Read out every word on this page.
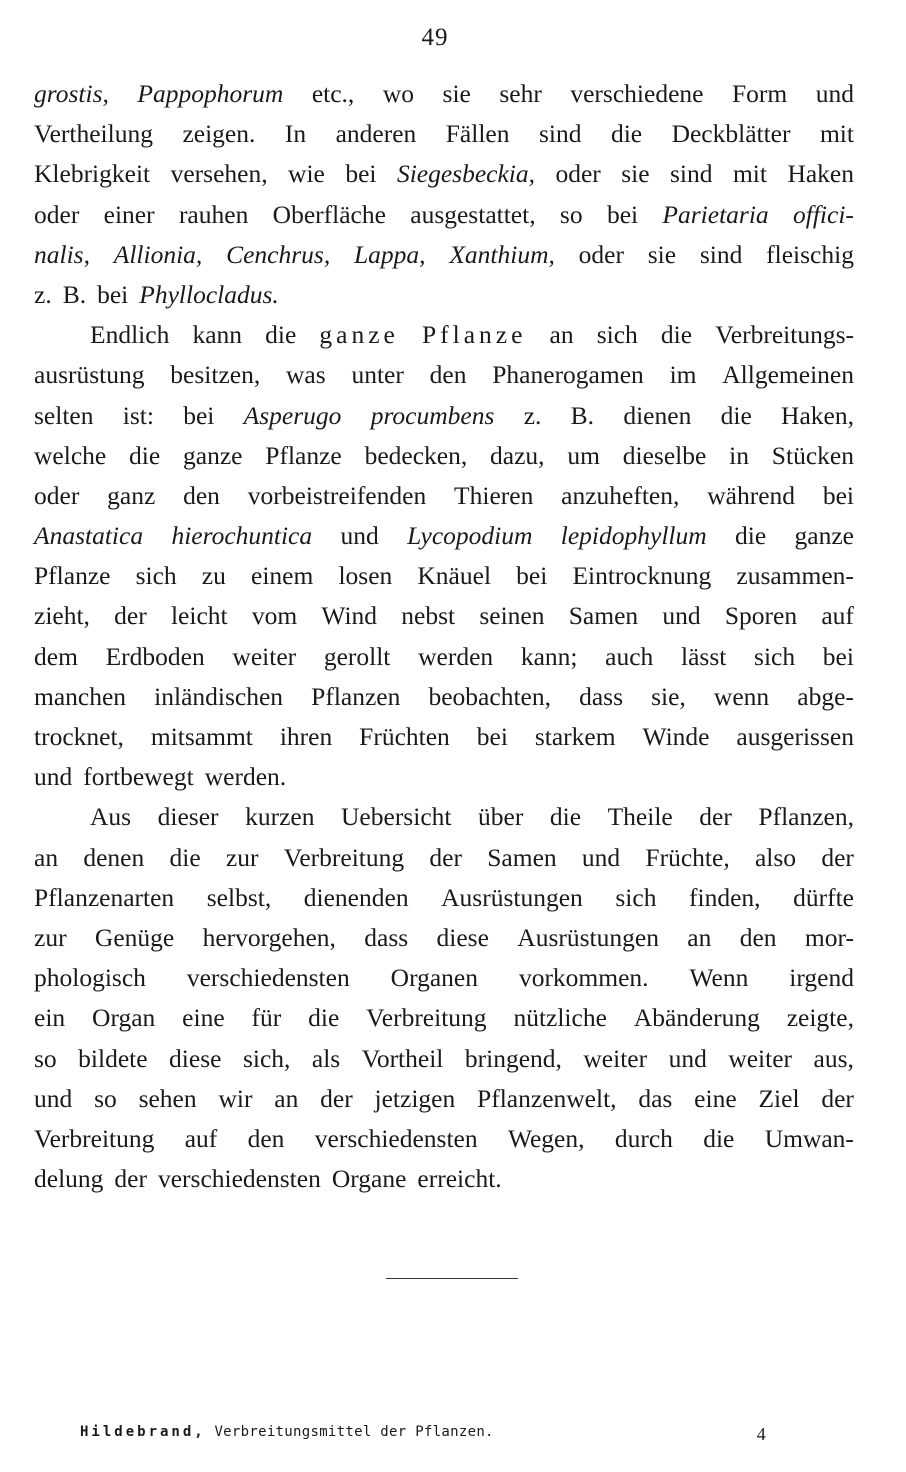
49
grostis, Pappophorum etc., wo sie sehr verschiedene Form und
Vertheilung zeigen. In anderen Fällen sind die Deckblätter mit
Klebrigkeit versehen, wie bei Siegesbeckia, oder sie sind mit Haken
oder einer rauhen Oberfläche ausgestattet, so bei Parietaria offici-
nalis, Allionia, Cenchrus, Lappa, Xanthium, oder sie sind fleischig
z. B. bei Phyllocladus.
Endlich kann die ganze Pflanze an sich die Verbreitungs-
ausrüstung besitzen, was unter den Phanerogamen im Allgemeinen
selten ist: bei Asperugo procumbens z. B. dienen die Haken,
welche die ganze Pflanze bedecken, dazu, um dieselbe in Stücken
oder ganz den vorbeistreifenden Thieren anzuheften, während bei
Anastatica hierochuntica und Lycopodium lepidophyllum die ganze
Pflanze sich zu einem losen Knäuel bei Eintrocknung zusammen-
zieht, der leicht vom Wind nebst seinen Samen und Sporen auf
dem Erdboden weiter gerollt werden kann; auch lässt sich bei
manchen inländischen Pflanzen beobachten, dass sie, wenn abge-
trocknet, mitsammt ihren Früchten bei starkem Winde ausgerissen
und fortbewegt werden.
Aus dieser kurzen Uebersicht über die Theile der Pflanzen,
an denen die zur Verbreitung der Samen und Früchte, also der
Pflanzenarten selbst, dienenden Ausrüstungen sich finden, dürfte
zur Genüge hervorgehen, dass diese Ausrüstungen an den mor-
phologisch verschiedensten Organen vorkommen. Wenn irgend
ein Organ eine für die Verbreitung nützliche Abänderung zeigte,
so bildete diese sich, als Vortheil bringend, weiter und weiter aus,
und so sehen wir an der jetzigen Pflanzenwelt, das eine Ziel der
Verbreitung auf den verschiedensten Wegen, durch die Umwan-
delung der verschiedensten Organe erreicht.
Hildebrand, Verbreitungsmittel der Pflanzen.	4
